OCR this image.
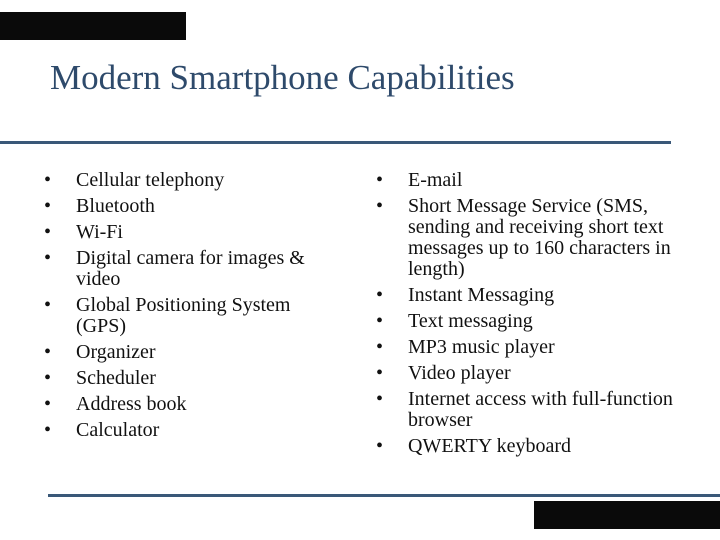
Modern Smartphone Capabilities
• Cellular telephony
• Bluetooth
• Wi-Fi
• Digital camera for images & video
• Global Positioning System (GPS)
• Organizer
• Scheduler
• Address book
• Calculator
• E-mail
• Short Message Service (SMS, sending and receiving short text messages up to 160 characters in length)
• Instant Messaging
• Text messaging
• MP3 music player
• Video player
• Internet access with full-function browser
• QWERTY keyboard
